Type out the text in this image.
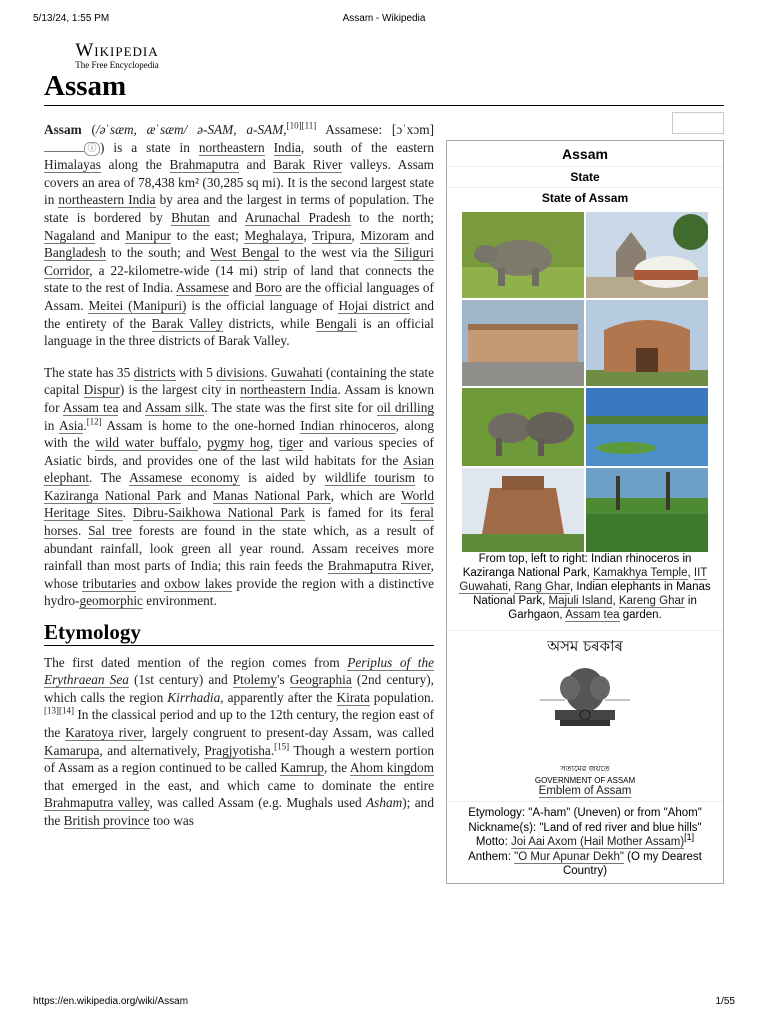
5/13/24, 1:55 PM	Assam - Wikipedia
Wikipedia
The Free Encyclopedia
Assam

Assam (/əˈsæm, æˈsæm/ ə-SAM, a-SAM,[10][11] Assamese: [ɔˈxɔm]ⓘ ) is a state in northeastern India, south of the eastern Himalayas along the Brahmaputra and Barak River valleys. Assam covers an area of 78,438 km² (30,285 sq mi). It is the second largest state in northeastern India by area and the largest in terms of population. The state is bordered by Bhutan and Arunachal Pradesh to the north; Nagaland and Manipur to the east; Meghalaya, Tripura, Mizoram and Bangladesh to the south; and West Bengal to the west via the Siliguri Corridor, a 22-kilometre-wide (14 mi) strip of land that connects the state to the rest of India. Assamese and Boro are the official languages of Assam. Meitei (Manipuri) is the official language of Hojai district and the entirety of the Barak Valley districts, while Bengali is an official language in the three districts of Barak Valley.

The state has 35 districts with 5 divisions. Guwahati (containing the state capital Dispur) is the largest city in northeastern India. Assam is known for Assam tea and Assam silk. The state was the first site for oil drilling in Asia.[12] Assam is home to the one-horned Indian rhinoceros, along with the wild water buffalo, pygmy hog, tiger and various species of Asiatic birds, and provides one of the last wild habitats for the Asian elephant. The Assamese economy is aided by wildlife tourism to Kaziranga National Park and Manas National Park, which are World Heritage Sites. Dibru-Saikhowa National Park is famed for its feral horses. Sal tree forests are found in the state which, as a result of abundant rainfall, look green all year round. Assam receives more rainfall than most parts of India; this rain feeds the Brahmaputra River, whose tributaries and oxbow lakes provide the region with a distinctive hydro-geomorphic environment.

Etymology

The first dated mention of the region comes from Periplus of the Erythraean Sea (1st century) and Ptolemy's Geographia (2nd century), which calls the region Kirrhadia, apparently after the Kirata population.[13][14] In the classical period and up to the 12th century, the region east of the Karatoya river, largely congruent to present-day Assam, was called Kamarupa, and alternatively, Pragjyotisha.[15] Though a western portion of Assam as a region continued to be called Kamrup, the Ahom kingdom that emerged in the east, and which came to dominate the entire Brahmaputra valley, was called Assam (e.g. Mughals used Asham); and the British province too was

Assam
State
State of Assam
From top, left to right: Indian rhinoceros in Kaziranga National Park, Kamakhya Temple, IIT Guwahati, Rang Ghar, Indian elephants in Manas National Park, Majuli Island, Kareng Ghar in Garhgaon, Assam tea garden.
অসম চৰকাৰ
সত্যমেৱ জয়তে
GOVERNMENT OF ASSAM
Emblem of Assam
Etymology: "A-ham" (Uneven) or from "Ahom"
Nickname(s): "Land of red river and blue hills"
Motto: Joi Aai Axom (Hail Mother Assam)[1]
Anthem: "O Mur Apunar Dekh" (O my Dearest Country)
https://en.wikipedia.org/wiki/Assam	1/55
